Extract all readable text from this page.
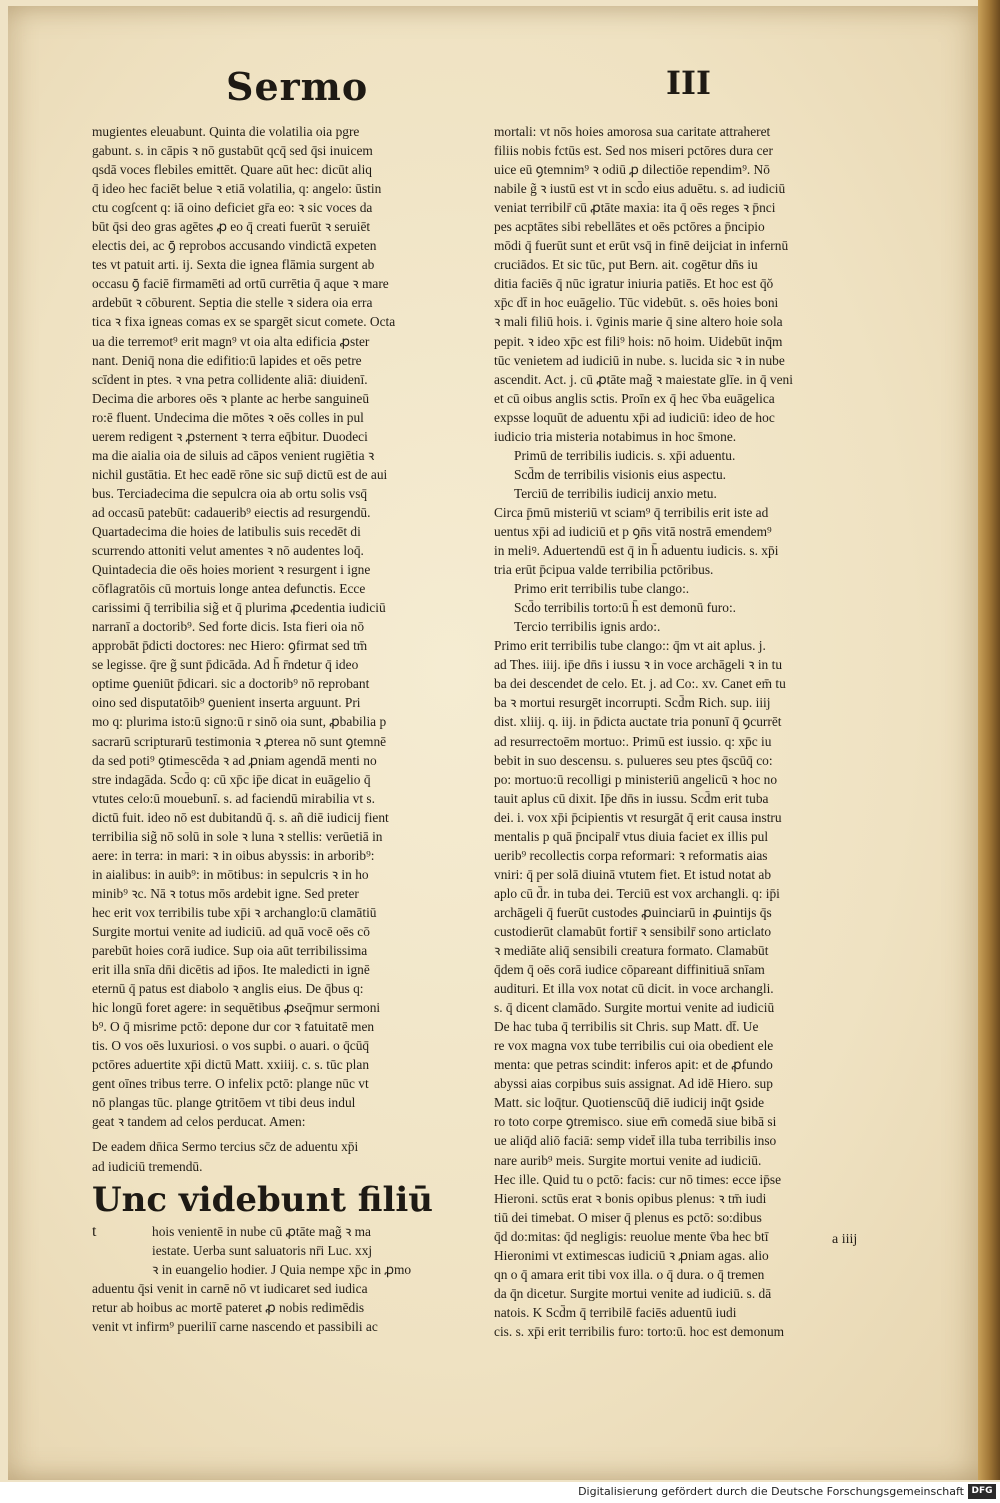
Sermo	III
mugientes eleuabunt. Quinta die volatilia oia pgre
gabunt. s. in cāpis ꝛ nō gustabūt qcq̄ sed q̄si inuicem
qsdā voces flebiles emittēt. Quare aūt hec: dicūt aliq
q̄ ideo hec faciēt belue ꝛ etiā volatilia, q: angelo: ūstin
ctu cogſcent q: iā oino deficiet gr̄a eo: ꝛ sic voces da
būt q̄si deo gras agētes ꝓ eo q̄ creati fuerūt ꝛ seruiēt
electis dei, ac ꝯ̄ reprobos accusando vindictā expeten
tes vt patuit arti. ij. Sexta die ignea flāmia surgent ab
occasu ꝯ̄ faciē firmamēti ad ortū currētia q̄ aque ꝛ mare
ardebūt ꝛ cōburent. Septia die stelle ꝛ sidera oia erra
tica ꝛ fixa igneas comas ex se spargēt sicut comete. Octa
ua die terremot⁹ erit magn⁹ vt oia alta edificia ꝓster
nant. Deniq̄ nona die edifitio:ū lapides et oēs petre
scīdent in ptes. ꝛ vna petra collidente aliā: diuidenī.
Decima die arbores oēs ꝛ plante ac herbe sanguineū
ro:ē fluent. Undecima die mōtes ꝛ oēs colles in pul
uerem redigent ꝛ ꝓsternent ꝛ terra eq̄bitur. Duodeci
ma die aialia oia de siluis ad cāpos venient rugiētia ꝛ
nichil gustātia. Et hec eadē rōne sic sup̄ dictū est de aui
bus. Terciadecima die sepulcra oia ab ortu solis vsq̄
ad occasū patebūt: cadauerib⁹ eiectis ad resurgendū.
Quartadecima die hoies de latibulis suis recedēt di
scurrendo attoniti velut amentes ꝛ nō audentes loq̄.
Quintadecia die oēs hoies morient ꝛ resurgent i igne
cōflagratōis cū mortuis longe antea defunctis. Ecce
carissimi q̄ terribilia sig̃ et q̄ plurima ꝓcedentia iudiciū
narranī a doctorib⁹. Sed forte dicis. Ista fieri oia nō
approbāt p̄dicti doctores: nec Hiero: ꝯfirmat sed tm̄
se legisse. q̄re g̃ sunt p̄dicāda. Ad h̄ r̄ndetur q̄ ideo
optime ꝯueniūt p̄dicari. sic a doctorib⁹ nō reprobant
oino sed disputatōib⁹ ꝯuenient inserta arguunt. Pri
mo q: plurima isto:ū signo:ū r sinō oia sunt, ꝓbabilia p
sacrarū scripturarū testimonia ꝛ ꝓterea nō sunt ꝯtemnē
da sed poti⁹ ꝯtimescēda ꝛ ad ꝓniam agendā menti no
stre indagāda. Scd̄o q: cū xp̄c ip̄e dicat in euāgelio q̄
vtutes celo:ū mouebunī. s. ad faciendū mirabilia vt s.
dictū fuit. ideo nō est dubitandū q̄. s. añ diē iudicij fient
terribilia sig̃ nō solū in sole ꝛ luna ꝛ stellis: verūetiā in
aere: in terra: in mari: ꝛ in oibus abyssis: in arborib⁹:
in aialibus: in auib⁹: in mōtibus: in sepulcris ꝛ in ho
minib⁹ ꝛc. Nā ꝛ totus mōs ardebit igne. Sed preter
hec erit vox terribilis tube xp̄i ꝛ archanglo:ū clamātiū
Surgite mortui venite ad iudiciū. ad quā vocē oēs cō
parebūt hoies corā iudice. Sup oia aūt terribilissima
erit illa snīa dn̄i dicētis ad ip̄os. Ite maledicti in ignē
eternū q̄ patus est diabolo ꝛ anglis eius. De q̄bus q:
hic longū foret agere: in sequētibus ꝓseq̄mur sermoni
b⁹. O q̄ misrime pctō: depone dur cor ꝛ fatuitatē men
tis. O vos oēs luxuriosi. o vos supbi. o auari. o q̄cūq̄
pctōres aduertite xp̄i dictū Matt. xxiiij. c. s. tūc plan
gent oīnes tribus terre. O infelix pctō: plange nūc vt
nō plangas tūc. plange ꝯtritōem vt tibi deus indul
geat ꝛ tandem ad celos perducat. Amen:
De eadem dn̄ica Sermo tercius sc̄z de aduentu xp̄i
ad iudiciū tremendū.
Unc videbunt filiū
t	hois venientē in nube cū ꝓtāte mag̃ ꝛ ma
iestate. Uerba sunt saluatoris nr̄i Luc. xxj
ꝛ in euangelio hodier. J Quia nempe xp̄c in ꝓmo
aduentu q̄si venit in carnē nō vt iudicaret sed iudica
retur ab hoibus ac mortē pateret ꝓ nobis redimēdis
venit vt infirm⁹ pueriliī carne nascendo et passibili ac
mortali: vt nōs hoies amorosa sua caritate attraheret
filiis nobis fctūs est. Sed nos miseri pctōres dura cer
uice eū ꝯtemnim⁹ ꝛ odiū ꝓ dilectiōe rependim⁹. Nō
nabile g̃ ꝛ iustū est vt in scd̄o eius aduētu. s. ad iudiciū
veniat terribilr̄ cū ꝓtāte maxia: ita q̄ oēs reges ꝛ p̄nci
pes acptātes sibi rebellātes et oēs pctōres a p̄ncipio
mōdi q̄ fuerūt sunt et erūt vsq̄ in finē deijciat in infernū
cruciādos. Et sic tūc, put Bern. ait. cogētur dn̄s iu
ditia faciēs q̄ nūc igratur iniuria patiēs. Et hoc est q̄ŏ
xp̄c dt̄ in hoc euāgelio. Tūc videbūt. s. oēs hoies boni
ꝛ mali filiū hois. i. v̄ginis marie q̄ sine altero hoie sola
pepit. ꝛ ideo xp̄c est fili⁹ hois: nō hoim. Uidebūt inq̄m
tūc venietem ad iudiciū in nube. s. lucida sic ꝛ in nube
ascendit. Act. j. cū ꝓtāte mag̃ ꝛ maiestate glīe. in q̄ veni
et cū oibus anglis sctis. Proīn ex q̄ hec v̄ba euāgelica
expsse loquūt de aduentu xp̄i ad iudiciū: ideo de hoc
iudicio tria misteria notabimus in hoc s̄mone.
Primū de terribilis iudicis. s. xp̄i aduentu.
Scd̄m de terribilis visionis eius aspectu.
Terciū de terribilis iudicij anxio metu.
Circa p̄mū misteriū vt sciam⁹ q̄ terribilis erit iste ad
uentus xp̄i ad iudiciū et p ꝯn̄s vitā nostrā emendem⁹
in meliꝰ. Aduertendū est q̄ in h̄ aduentu iudicis. s. xp̄i
tria erūt p̄cipua valde terribilia pctōribus.
Primo erit terribilis tube clango:.
Scd̄o terribilis torto:ū h̄ est demonū furo:.
Tercio terribilis ignis ardo:.
Primo erit terribilis tube clango:: q̄m vt ait aplus. j.
ad Thes. iiij. ip̄e dn̄s i iussu ꝛ in voce archāgeli ꝛ in tu
ba dei descendet de celo. Et. j. ad Co:. xv. Canet em̄ tu
ba ꝛ mortui resurgēt incorrupti. Scd̄m Rich. sup. iiij
dist. xliij. q. iij. in p̄dicta auctate tria ponunī q̄ ꝯcurrēt
ad resurrectoēm mortuo:. Primū est iussio. q: xp̄c iu
bebit in suo descensu. s. pulueres seu ptes q̄scūq̄ co:
po: mortuo:ū recolligi p ministeriū angelicū ꝛ hoc no
tauit aplus cū dixit. Ip̄e dn̄s in iussu. Scd̄m erit tuba
dei. i. vox xp̄i p̄cipientis vt resurgāt q̄ erit causa instru
mentalis p quā p̄ncipalr̄ vtus diuia faciet ex illis pul
uerib⁹ recollectis corpa reformari: ꝛ reformatis aias
vniri: q̄ per solā diuinā vtutem fiet. Et istud notat ab
aplo cū d̄r. in tuba dei. Terciū est vox archangli. q: ip̄i
archāgeli q̄ fuerūt custodes ꝓuinciarū in ꝓuintijs q̄s
custodierūt clamabūt fortir̄ ꝛ sensibilr̄ sono articlato
ꝛ mediāte aliq̄ sensibili creatura formato. Clamabūt
q̄dem q̄ oēs corā iudice cōpareant diffinitiuā snīam
audituri. Et illa vox notat cū dicit. in voce archangli.
s. q̄ dicent clamādo. Surgite mortui venite ad iudiciū
De hac tuba q̄ terribilis sit Chris. sup Matt. dt̄. Ue
re vox magna vox tube terribilis cui oia obedient ele
menta: que petras scindit: inferos apit: et de ꝓfundo
abyssi aias corpibus suis assignat. Ad idē Hiero. sup
Matt. sic loq̄tur. Quotienscūq̄ diē iudicij inq̄t ꝯside
ro toto corpe ꝯtremisco. siue em̄ comedā siue bibā si
ue aliq̄d aliō faciā: semp videt̄ illa tuba terribilis inso
nare aurib⁹ meis. Surgite mortui venite ad iudiciū.
Hec ille. Quid tu o pctō: facis: cur nō times: ecce ip̄se
Hieroni. sctūs erat ꝛ bonis opibus plenus: ꝛ tm̄ iudi
tiū dei timebat. O miser q̄ plenus es pctō: so:dibus
q̄d do:mitas: q̄d negligis: reuolue mente v̄ba hec btī
Hieronimi vt extimescas iudiciū ꝛ ꝓniam agas. alio
qn o q̄ amara erit tibi vox illa. o q̄ dura. o q̄ tremen
da q̄n dicetur. Surgite mortui venite ad iudiciū. s. dā
natois. K Scd̄m q̄ terribilē faciēs aduentū iudi
cis. s. xp̄i erit terribilis furo: torto:ū. hoc est demonum
a iiij
Digitalisierung gefördert durch die Deutsche Forschungsgemeinschaft DFG
